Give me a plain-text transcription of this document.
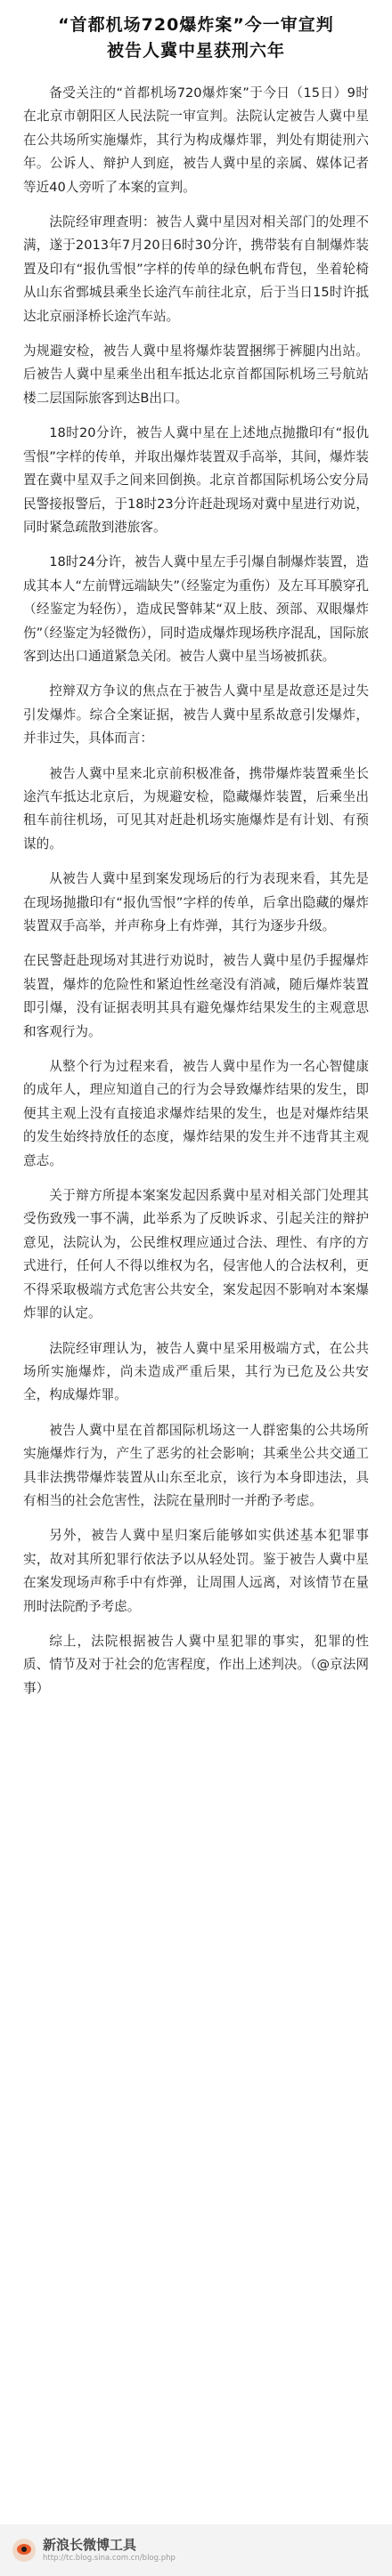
“首都机场720爆炸案”今一审宣判
被告人冀中星获刑六年

备受关注的“首都机场720爆炸案”于今日（15日）9时在北京市朝阳区人民法院一审宣判。法院认定被告人冀中星在公共场所实施爆炸，其行为构成爆炸罪，判处有期徒刑六年。公诉人、辩护人到庭，被告人冀中星的亲属、媒体记者等近40人旁听了本案的宣判。

法院经审理查明：被告人冀中星因对相关部门的处理不满，遂于2013年7月20日6时30分许，携带装有自制爆炸装置及印有“报仇雪恨”字样的传单的绿色帆布背包，坐着轮椅从山东省鄄城县乘坐长途汽车前往北京，后于当日15时许抵达北京丽泽桥长途汽车站。

为规避安检，被告人冀中星将爆炸装置捆绑于裤腿内出站。后被告人冀中星乘坐出租车抵达北京首都国际机场三号航站楼二层国际旅客到达B出口。

18时20分许，被告人冀中星在上述地点抛撒印有“报仇雪恨”字样的传单，并取出爆炸装置双手高举，其间，爆炸装置在冀中星双手之间来回倒换。北京首都国际机场公安分局民警接报警后，于18时23分许赶赴现场对冀中星进行劝说，同时紧急疏散到港旅客。

18时24分许，被告人冀中星左手引爆自制爆炸装置，造成其本人“左前臂远端缺失”（经鉴定为重伤）及左耳耳膜穿孔（经鉴定为轻伤），造成民警韩某“双上肢、颈部、双眼爆炸伤”（经鉴定为轻微伤），同时造成爆炸现场秩序混乱，国际旅客到达出口通道紧急关闭。被告人冀中星当场被抓获。

控辩双方争议的焦点在于被告人冀中星是故意还是过失引发爆炸。综合全案证据，被告人冀中星系故意引发爆炸，并非过失，具体而言：

被告人冀中星来北京前积极准备，携带爆炸装置乘坐长途汽车抵达北京后，为规避安检，隐藏爆炸装置，后乘坐出租车前往机场，可见其对赶赴机场实施爆炸是有计划、有预谋的。

从被告人冀中星到案发现场后的行为表现来看，其先是在现场抛撒印有“报仇雪恨”字样的传单，后拿出隐藏的爆炸装置双手高举，并声称身上有炸弹，其行为逐步升级。

在民警赶赴现场对其进行劝说时，被告人冀中星仍手握爆炸装置，爆炸的危险性和紧迫性丝毫没有消减，随后爆炸装置即引爆，没有证据表明其具有避免爆炸结果发生的主观意思和客观行为。

从整个行为过程来看，被告人冀中星作为一名心智健康的成年人，理应知道自己的行为会导致爆炸结果的发生，即便其主观上没有直接追求爆炸结果的发生，也是对爆炸结果的发生始终持放任的态度，爆炸结果的发生并不违背其主观意志。

关于辩方所提本案案发起因系冀中星对相关部门处理其受伤致残一事不满，此举系为了反映诉求、引起关注的辩护意见，法院认为，公民维权理应通过合法、理性、有序的方式进行，任何人不得以维权为名，侵害他人的合法权利，更不得采取极端方式危害公共安全，案发起因不影响对本案爆炸罪的认定。

法院经审理认为，被告人冀中星采用极端方式，在公共场所实施爆炸，尚未造成严重后果，其行为已危及公共安全，构成爆炸罪。

被告人冀中星在首都国际机场这一人群密集的公共场所实施爆炸行为，产生了恶劣的社会影响；其乘坐公共交通工具非法携带爆炸装置从山东至北京，该行为本身即违法，具有相当的社会危害性，法院在量刑时一并酌予考虑。

另外，被告人冀中星归案后能够如实供述基本犯罪事实，故对其所犯罪行依法予以从轻处罚。鉴于被告人冀中星在案发现场声称手中有炸弹，让周围人远离，对该情节在量刑时法院酌予考虑。

综上，法院根据被告人冀中星犯罪的事实，犯罪的性质、情节及对于社会的危害程度，作出上述判决。（@京法网事）

新浪长微博工具
http://tc.blog.sina.com.cn/blog.php
